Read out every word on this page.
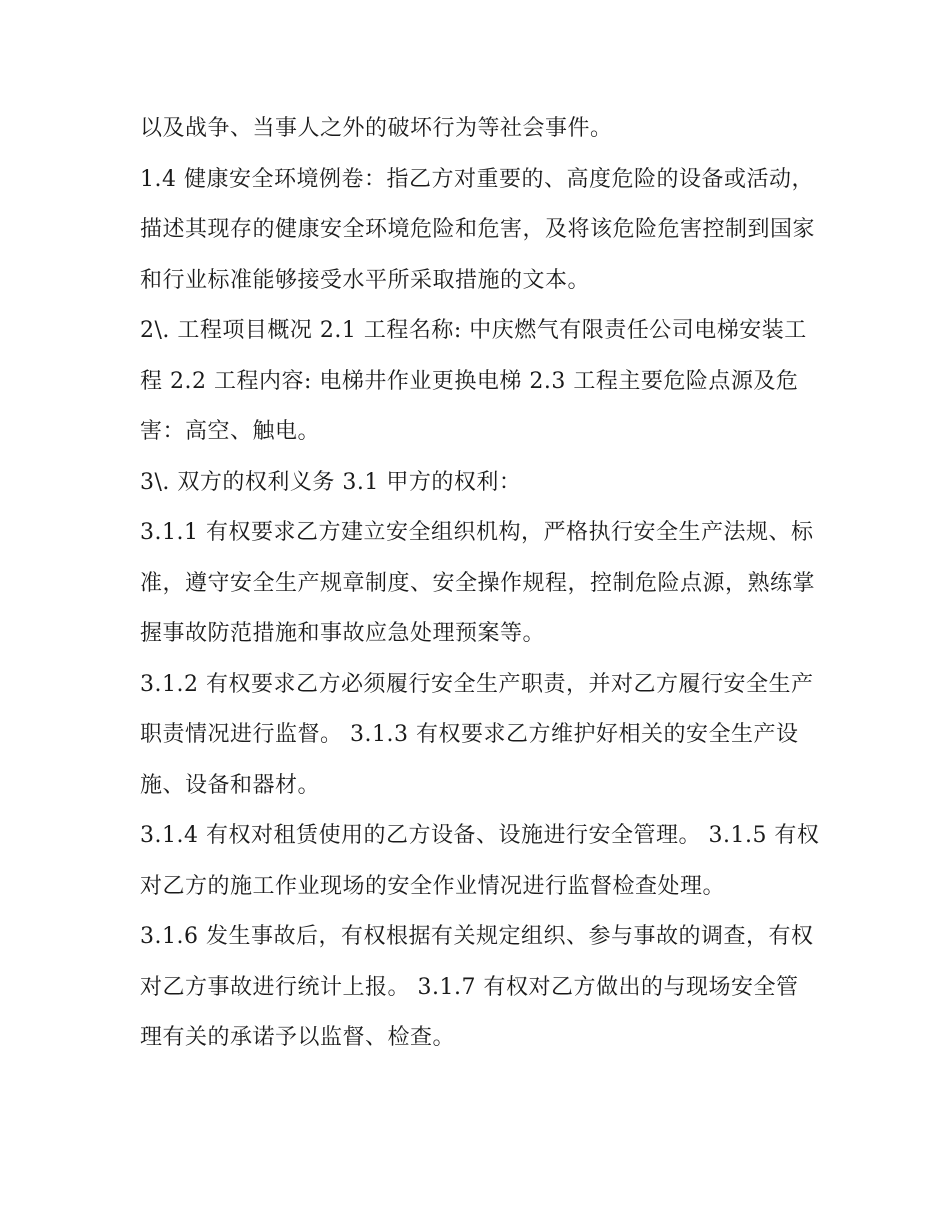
以及战争、当事人之外的破坏行为等社会事件。

1.4 健康安全环境例卷：指乙方对重要的、高度危险的设备或活动，描述其现存的健康安全环境危险和危害，及将该危险危害控制到国家和行业标准能够接受水平所采取措施的文本。

2\. 工程项目概况 2.1 工程名称: 中庆燃气有限责任公司电梯安装工程 2.2 工程内容: 电梯井作业更换电梯 2.3 工程主要危险点源及危害：高空、触电。

3\. 双方的权利义务 3.1 甲方的权利：

3.1.1 有权要求乙方建立安全组织机构，严格执行安全生产法规、标准，遵守安全生产规章制度、安全操作规程，控制危险点源，熟练掌握事故防范措施和事故应急处理预案等。

3.1.2 有权要求乙方必须履行安全生产职责，并对乙方履行安全生产职责情况进行监督。 3.1.3 有权要求乙方维护好相关的安全生产设施、设备和器材。

3.1.4 有权对租赁使用的乙方设备、设施进行安全管理。 3.1.5 有权对乙方的施工作业现场的安全作业情况进行监督检查处理。

3.1.6 发生事故后，有权根据有关规定组织、参与事故的调查，有权对乙方事故进行统计上报。 3.1.7 有权对乙方做出的与现场安全管理有关的承诺予以监督、检查。
